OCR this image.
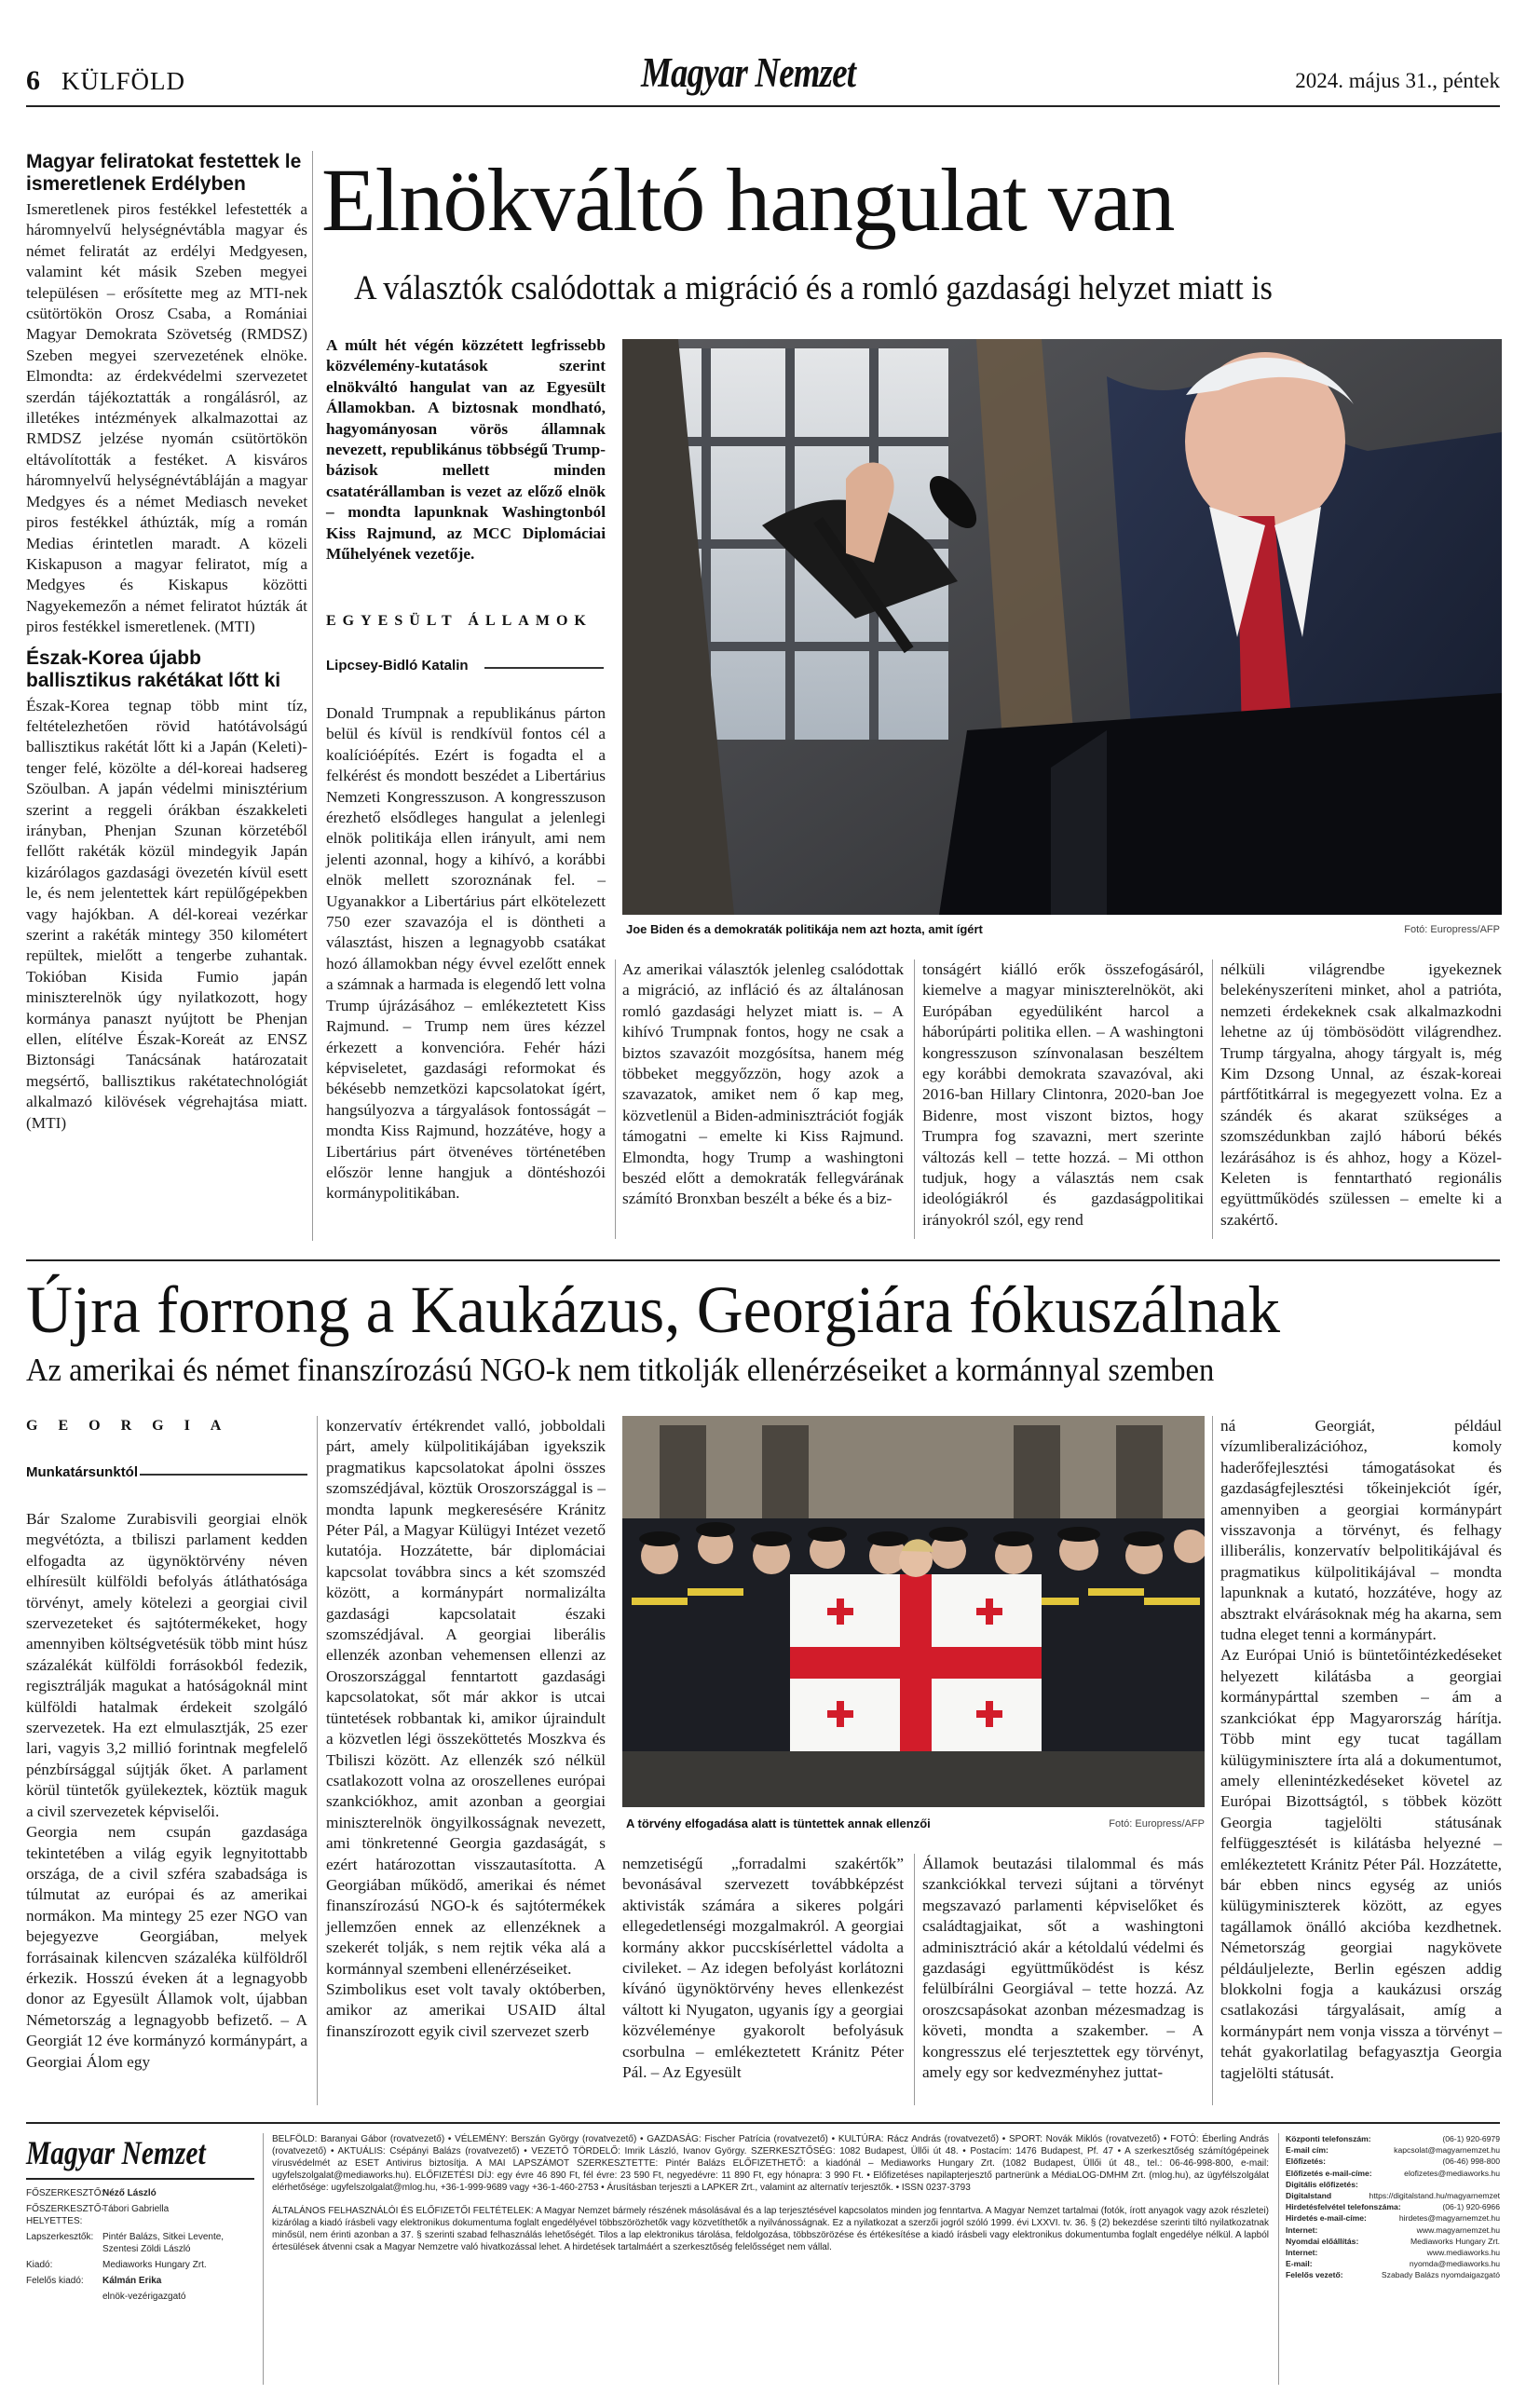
6 KÜLFÖLD	Magyar Nemzet	2024. május 31., péntek
Magyar feliratokat festettek le ismeretlenek Erdélyben
Ismeretlenek piros festékkel lefestették a háromnyelvű helységnévtábla magyar és német feliratát az erdélyi Medgyesen, valamint két másik Szeben megyei településen – erősítette meg az MTI-nek csütörtökön Orosz Csaba, a Romániai Magyar Demokrata Szövetség (RMDSZ) Szeben megyei szervezetének elnöke. Elmondta: az érdekvédelmi szervezetet szerdán tájékoztatták a rongálásról, az illetékes intézmények alkalmazottai az RMDSZ jelzése nyomán csütörtökön eltávolították a festéket. A kisváros háromnyelvű helységnévtábláján a magyar Medgyes és a német Mediasch neveket piros festékkel áthúzták, míg a román Medias érintetlen maradt. A közeli Kiskapuson a magyar feliratot, míg a Medgyes és Kiskapus közötti Nagyekemezőn a német feliratot húzták át piros festékkel ismeretlenek. (MTI)
Észak-Korea újabb ballisztikus rakétákat lőtt ki
Észak-Korea tegnap több mint tíz, feltételezhetően rövid hatótávolságú ballisztikus rakétát lőtt ki a Japán (Keleti)-tenger felé, közölte a dél-koreai hadsereg Szöulban. A japán védelmi minisztérium szerint a reggeli órákban északkeleti irányban, Phenjan Szunan körzetéből fellőtt rakéták közül mindegyik Japán kizárólagos gazdasági övezetén kívül esett le, és nem jelentettek kárt repülőgépekben vagy hajókban. A dél-koreai vezérkar szerint a rakéták mintegy 350 kilométert repültek, mielőtt a tengerbe zuhantak. Tokióban Kisida Fumio japán miniszterelnök úgy nyilatkozott, hogy kormánya panaszt nyújtott be Phenjan ellen, elítélve Észak-Koreát az ENSZ Biztonsági Tanácsának határozatait megsértő, ballisztikus rakétatechnológiát alkalmazó kilövések végrehajtása miatt. (MTI)
Elnökváltó hangulat van
A választók csalódottak a migráció és a romló gazdasági helyzet miatt is
A múlt hét végén közzétett legfrissebb közvélemény-kutatások szerint elnökváltó hangulat van az Egyesült Államokban. A biztosnak mondható, hagyományosan vörös államnak nevezett, republikánus többségű Trump-bázisok mellett minden csatatérállamban is vezet az előző elnök – mondta lapunknak Washingtonból Kiss Rajmund, az MCC Diplomáciai Műhelyének vezetője.
EGYESÜLT ÁLLAMOK
Lipcsey-Bidló Katalin
Donald Trumpnak a republikánus párton belül és kívül is rendkívül fontos cél a koalícióépítés. Ezért is fogadta el a felkérést és mondott beszédet a Libertárius Nemzeti Kongresszuson. A kongresszuson érezhető elsődleges hangulat a jelenlegi elnök politikája ellen irányult, ami nem jelenti azonnal, hogy a kihívó, a korábbi elnök mellett szoroznának fel. – Ugyanakkor a Libertárius párt elkötelezett 750 ezer szavazója el is döntheti a választást, hiszen a legnagyobb csatákat hozó államokban négy évvel ezelőtt ennek a számnak a harmada is elegendő lett volna Trump újrázásához – emlékeztetett Kiss Rajmund. – Trump nem üres kézzel érkezett a konvencióra. Fehér házi képviseletet, gazdasági reformokat és békésebb nemzetközi kapcsolatokat ígért, hangsúlyozva a tárgyalások fontosságát – mondta Kiss Rajmund, hozzátéve, hogy a Libertárius párt ötvenéves történetében először lenne hangjuk a döntéshozói kormánypolitikában.
Joe Biden és a demokraták politikája nem azt hozta, amit ígért	Fotó: Europress/AFP
Az amerikai választók jelenleg csalódottak a migráció, az infláció és az általánosan romló gazdasági helyzet miatt is. – A kihívó Trumpnak fontos, hogy ne csak a biztos szavazóit mozgósítsa, hanem még többeket meggyőzzön, hogy azok a szavazatok, amiket nem ő kap meg, közvetlenül a Biden-adminisztrációt fogják támogatni – emelte ki Kiss Rajmund. Elmondta, hogy Trump a washingtoni beszéd előtt a demokraták fellegvárának számító Bronxban beszélt a béke és a biz-
tonságért kiálló erők összefogásáról, kiemelve a magyar miniszterelnököt, aki Európában egyedüliként harcol a háborúpárti politika ellen. – A washingtoni kongresszuson színvonalasan beszéltem egy korábbi demokrata szavazóval, aki 2016-ban Hillary Clintonra, 2020-ban Joe Bidenre, most viszont biztos, hogy Trumpra fog szavazni, mert szerinte változás kell – tette hozzá. – Mi otthon tudjuk, hogy a választás nem csak ideológiákról és gazdaságpolitikai irányokról szól, egy rend
nélküli világrendbe igyekeznek belekényszeríteni minket, ahol a patrióta, nemzeti érdekeknek csak alkalmazkodni lehetne az új tömbösödött világrendhez. Trump tárgyalna, ahogy tárgyalt is, még Kim Dzsong Unnal, az észak-koreai pártfőtitkárral is megegyezett volna. Ez a szándék és akarat szükséges a szomszédunkban zajló háború békés lezárásához is és ahhoz, hogy a Közel-Keleten is fenntartható regionális együttműködés szülessen – emelte ki a szakértő.
Újra forrong a Kaukázus, Georgiára fókuszálnak
Az amerikai és német finanszírozású NGO-k nem titkolják ellenérzéseiket a kormánnyal szemben
GEORGIA
Munkatársunktól
Bár Szalome Zurabisvili georgiai elnök megvétózta, a tbiliszi parlament kedden elfogadta az ügynöktörvény néven elhíresült külföldi befolyás átláthatósága törvényt, amely kötelezi a georgiai civil szervezeteket és sajtótermékeket, hogy amennyiben költségvetésük több mint húsz százalékát külföldi forrásokból fedezik, regisztrálják magukat a hatóságoknál mint külföldi hatalmak érdekeit szolgáló szervezetek. Ha ezt elmulasztják, 25 ezer lari, vagyis 3,2 millió forintnak megfelelő pénzbírsággal sújtják őket. A parlament körül tüntetők gyülekeztek, köztük maguk a civil szervezetek képviselői.
Georgia nem csupán gazdasága tekintetében a világ egyik legnyitottabb országa, de a civil szféra szabadsága is túlmutat az európai és az amerikai normákon. Ma mintegy 25 ezer NGO van bejegyezve Georgiában, melyek forrásainak kilencven százaléka külföldről érkezik. Hosszú éveken át a legnagyobb donor az Egyesült Államok volt, újabban Németország a legnagyobb befizető. – A Georgiát 12 éve kormányzó kormánypárt, a Georgiai Álom egy
konzervatív értékrendet valló, jobboldali párt, amely külpolitikájában igyekszik pragmatikus kapcsolatokat ápolni összes szomszédjával, köztük Oroszországgal is – mondta lapunk megkeresésére Kránitz Péter Pál, a Magyar Külügyi Intézet vezető kutatója. Hozzátette, bár diplomáciai kapcsolat továbbra sincs a két szomszéd között, a kormánypárt normalizálta gazdasági kapcsolatait északi szomszédjával. A georgiai liberális ellenzék azonban vehemensen ellenzi az Oroszországgal fenntartott gazdasági kapcsolatokat, sőt már akkor is utcai tüntetések robbantak ki, amikor újraindult a közvetlen légi összeköttetés Moszkva és Tbiliszi között. Az ellenzék szó nélkül csatlakozott volna az oroszellenes európai szankciókhoz, amit azonban a georgiai miniszterelnök öngyilkosságnak nevezett, ami tönkretenné Georgia gazdaságát, s ezért határozottan visszautasította. A Georgiában működő, amerikai és német finanszírozású NGO-k és sajtótermékek jellemzően ennek az ellenzéknek a szekerét tolják, s nem rejtik véka alá a kormánnyal szembeni ellenérzéseiket.
Szimbolikus eset volt tavaly októberben, amikor az amerikai USAID által finanszírozott egyik civil szervezet szerb
A törvény elfogadása alatt is tüntettek annak ellenzői	Fotó: Europress/AFP
nemzetiségű „forradalmi szakértők” bevonásával szervezett továbbképzést aktivisták számára a sikeres polgári ellegedetlenségi mozgalmakról. A georgiai kormány akkor puccskísérlettel vádolta a civileket. – Az idegen befolyást korlátozni kívánó ügynöktörvény heves ellenkezést váltott ki Nyugaton, ugyanis így a georgiai közvéleménye gyakorolt befolyásuk csorbulna – emlékeztetett Kránitz Péter Pál. – Az Egyesült
Államok beutazási tilalommal és más szankciókkal tervezi sújtani a törvényt megszavazó parlamenti képviselőket és családtagjaikat, sőt a washingtoni adminisztráció akár a kétoldalú védelmi és gazdasági együttműködést is kész felülbírálni Georgiával – tette hozzá. Az oroszcsapásokat azonban mézesmadzag is követi, mondta a szakember. – A kongresszus elé terjesztettek egy törvényt, amely egy sor kedvezményhez juttat-
ná Georgiát, például vízumliberalizációhoz, komoly haderőfejlesztési támogatásokat és gazdaságfejlesztési tőkeinjekciót ígér, amennyiben a georgiai kormánypárt visszavonja a törvényt, és felhagy illiberális, konzervatív belpolitikájával és pragmatikus külpolitikájával – mondta lapunknak a kutató, hozzátéve, hogy az absztrakt elvárásoknak még ha akarna, sem tudna eleget tenni a kormánypárt.
Az Európai Unió is büntetőintézkedéseket helyezett kilátásba a georgiai kormánypárttal szemben – ám a szankciókat épp Magyarország hárítja. Több mint egy tucat tagállam külügyminisztere írta alá a dokumentumot, amely ellenintézkedéseket követel az Európai Bizottságtól, s többek között Georgia tagjelölti státusának felfüggesztését is kilátásba helyezné – emlékeztetett Kránitz Péter Pál. Hozzátette, bár ebben nincs egység az uniós külügyminiszterek között, az egyes tagállamok önálló akcióba kezdhetnek. Németország georgiai nagykövete példáuljelezte, Berlin egészen addig blokkolni fogja a kaukázusi ország csatlakozási tárgyalásait, amíg a kormánypárt nem vonja vissza a törvényt – tehát gyakorlatilag befagyasztja Georgia tagjelölti státusát.
Magyar Nemzet
FŐSZERKESZTŐ:
Néző László
FŐSZERKESZTŐ-HELYETTES:
Tábori Gabriella
Lapszerkesztők: Pintér Balázs, Sitkei Levente, Szentesi Zöldi László
Kiadó:	Mediaworks Hungary Zrt.
Felelős kiadó:	Kálmán Erika
elnök-vezérigazgató
BELFÖLD: Baranyai Gábor (rovatvezető) • VÉLEMÉNY: Berszán György (rovatvezető) • GAZDASÁG: Fischer Patrícia (rovatvezető) • KULTÚRA: Rácz András (rovatvezető) • SPORT: Novák Miklós (rovatvezető) • FOTÓ: Éberling András (rovatvezető) • AKTUÁLIS: Csépányi Balázs (rovatvezető) • VEZETŐ TÖRDELŐ: Imrik László, Ivanov György. SZERKESZTŐSÉG: 1082 Budapest, Üllői út 48. • Postacím: 1476 Budapest, Pf. 47 • A szerkesztőség számítógépeinek vírusvédelmét az ESET Antivirus biztosítja. A MAI LAPSZÁMOT SZERKESZTETTE: Pintér Balázs ELŐFIZETHETŐ: a kiadónál – Mediaworks Hungary Zrt. (1082 Budapest, Üllői út 48., tel.: 06-46-998-800, e-mail: ugyfelszolgalat@mediaworks.hu). ELŐFIZETÉSI DÍJ: egy évre 46 890 Ft, fél évre: 23 590 Ft, negyedévre: 11 890 Ft, egy hónapra: 3 990 Ft. • Előfizetéses napilapterjesztő partnerünk a MédiaLOG-DMHM Zrt. (mlog.hu), az ügyfélszolgálat elérhetősége: ugyfelszolgalat@mlog.hu, +36-1-999-9689 vagy +36-1-460-2753 • Árusításban terjeszti a LAPKER Zrt., valamint az alternatív terjesztők. • ISSN 0237-3793
ÁLTALÁNOS FELHASZNÁLÓI ÉS ELŐFIZETŐI FELTÉTELEK: A Magyar Nemzet bármely részének másolásával és a lap terjesztésével kapcsolatos minden jog fenntartva. A Magyar Nemzet tartalmai (fotók, írott anyagok vagy azok részletei) kizárólag a kiadó írásbeli vagy elektronikus dokumentuma foglalt engedélyével többszörözhetők vagy közvetíthetők a nyilvánosságnak. Ez a nyilatkozat a szerzői jogról szóló 1999. évi LXXVI. tv. 36. § (2) bekezdése szerinti tiltó nyilatkozatnak minősül, nem érinti azonban a 37. § szerinti szabad felhasználás lehetőségét. Tilos a lap elektronikus tárolása, feldolgozása, többszörözése és értékesítése a kiadó írásbeli vagy elektronikus dokumentumba foglalt engedélye nélkül. A lapból értesülések átvenni csak a Magyar Nemzetre való hivatkozással lehet. A hirdetések tartalmáért a szerkesztőség felelősséget nem vállal.
Központi telefonszám:	(06-1) 920-6979
E-mail cím:	kapcsolat@magyarnemzet.hu
Előfizetés:	(06-46) 998-800
Előfizetés e-mail-címe:	elofizetes@mediaworks.hu
Digitális előfizetés:
Digitalstand	https://digitalstand.hu/magyarnemzet
Hirdetésfelvétel telefonszáma:	(06-1) 920-6966
Hirdetés e-mail-címe:	hirdetes@magyarnemzet.hu
Internet:	www.magyarnemzet.hu
Nyomdai előállítás:	Mediaworks Hungary Zrt.
Internet:	www.mediaworks.hu
E-mail:	nyomda@mediaworks.hu
Felelős vezető:	Szabady Balázs nyomdaigazgató
